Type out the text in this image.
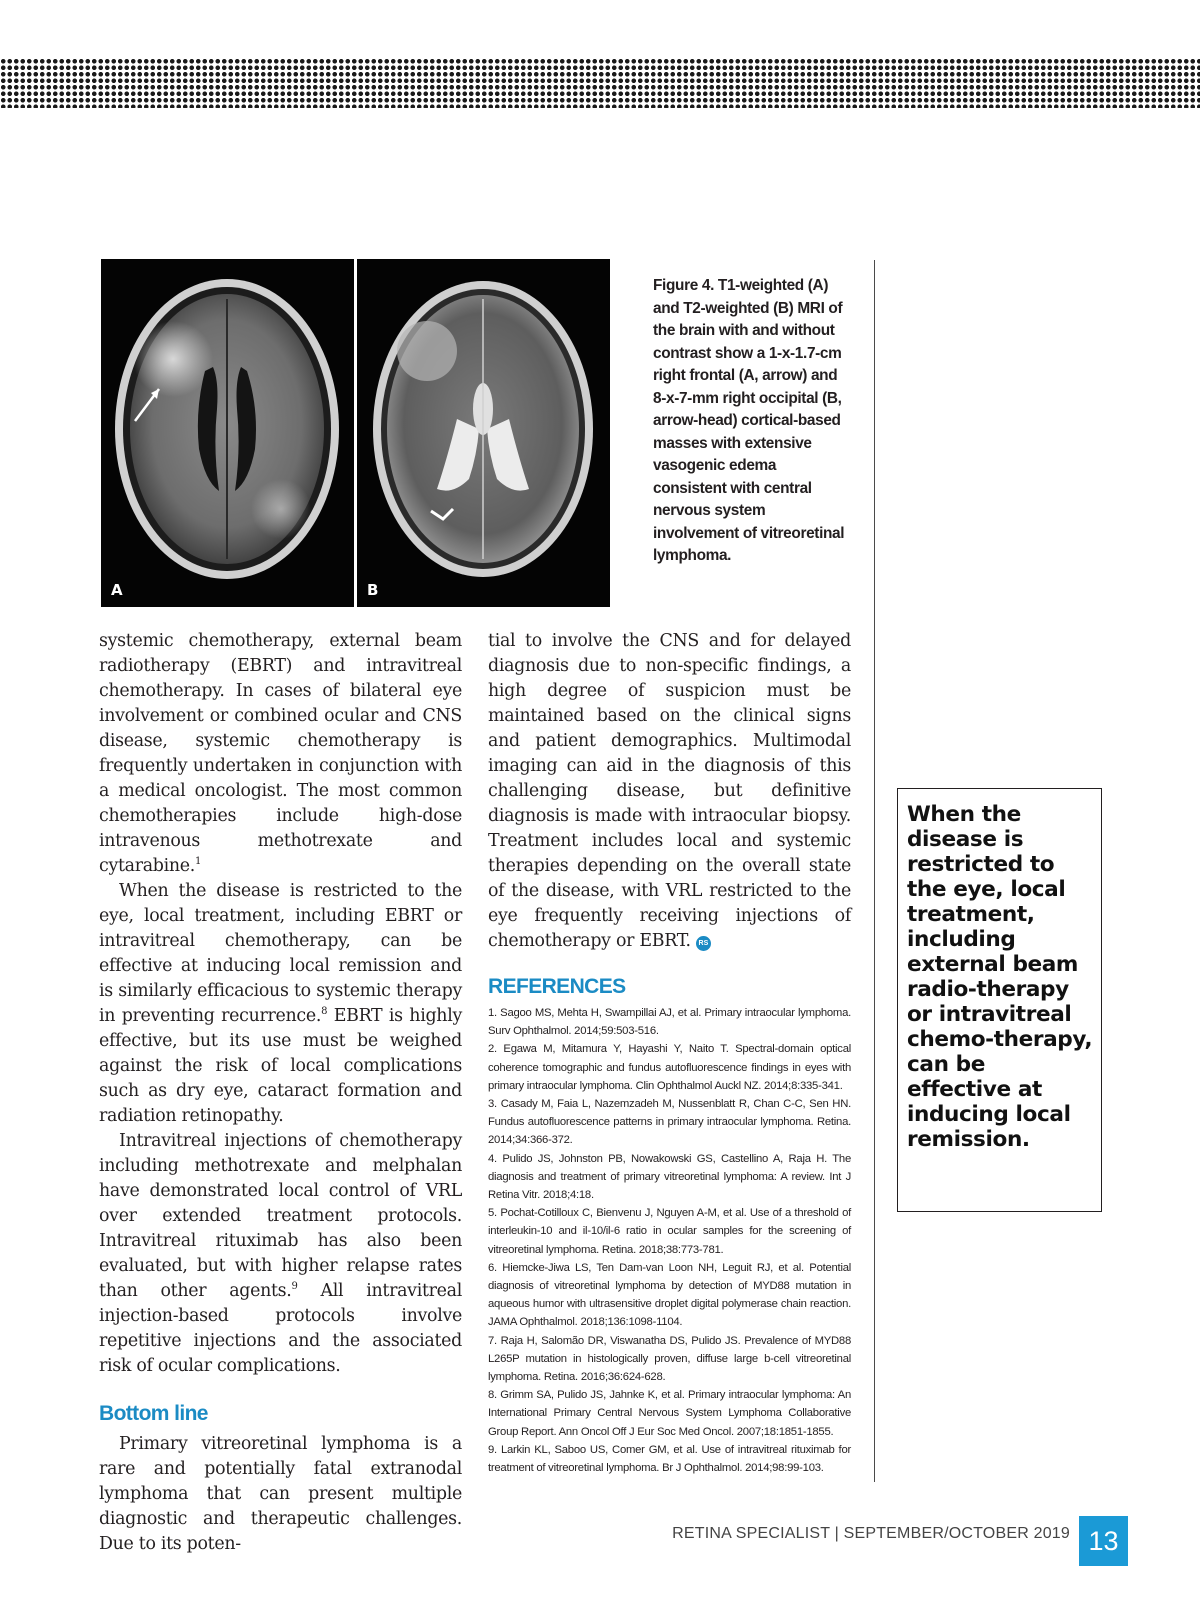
A	B
Figure 4. T1-weighted (A) and T2-weighted (B) MRI of the brain with and without contrast show a 1-x-1.7-cm right frontal (A, arrow) and 8-x-7-mm right occipital (B, arrow-head) cortical-based masses with extensive vasogenic edema consistent with central nervous system involvement of vitreoretinal lymphoma.

systemic chemotherapy, external beam radiotherapy (EBRT) and intravitreal chemotherapy. In cases of bilateral eye involvement or combined ocular and CNS disease, systemic chemotherapy is frequently undertaken in conjunction with a medical oncologist. The most common chemotherapies include high-dose intravenous methotrexate and cytarabine.$^1$

When the disease is restricted to the eye, local treatment, including EBRT or intravitreal chemotherapy, can be effective at inducing local remission and is similarly efficacious to systemic therapy in preventing recurrence.$^8$ EBRT is highly effective, but its use must be weighed against the risk of local complications such as dry eye, cataract formation and radiation retinopathy.

Intravitreal injections of chemotherapy including methotrexate and melphalan have demonstrated local control of VRL over extended treatment protocols. Intravitreal rituximab has also been evaluated, but with higher relapse rates than other agents.$^9$ All intravitreal injection-based protocols involve repetitive injections and the associated risk of ocular complications.

Bottom line

Primary vitreoretinal lymphoma is a rare and potentially fatal extranodal lymphoma that can present multiple diagnostic and therapeutic challenges. Due to its poten-

tial to involve the CNS and for delayed diagnosis due to non-specific findings, a high degree of suspicion must be maintained based on the clinical signs and patient demographics. Multimodal imaging can aid in the diagnosis of this challenging disease, but definitive diagnosis is made with intraocular biopsy. Treatment includes local and systemic therapies depending on the overall state of the disease, with VRL restricted to the eye frequently receiving injections of chemotherapy or EBRT. RS

REFERENCES
1. Sagoo MS, Mehta H, Swampillai AJ, et al. Primary intraocular lymphoma. Surv Ophthalmol. 2014;59:503-516.
2. Egawa M, Mitamura Y, Hayashi Y, Naito T. Spectral-domain optical coherence tomographic and fundus autofluorescence findings in eyes with primary intraocular lymphoma. Clin Ophthalmol Auckl NZ. 2014;8:335-341.
3. Casady M, Faia L, Nazemzadeh M, Nussenblatt R, Chan C-C, Sen HN. Fundus autofluorescence patterns in primary intraocular lymphoma. Retina. 2014;34:366-372.
4. Pulido JS, Johnston PB, Nowakowski GS, Castellino A, Raja H. The diagnosis and treatment of primary vitreoretinal lymphoma: A review. Int J Retina Vitr. 2018;4:18.
5. Pochat-Cotilloux C, Bienvenu J, Nguyen A-M, et al. Use of a threshold of interleukin-10 and il-10/il-6 ratio in ocular samples for the screening of vitreoretinal lymphoma. Retina. 2018;38:773-781.
6. Hiemcke-Jiwa LS, Ten Dam-van Loon NH, Leguit RJ, et al. Potential diagnosis of vitreoretinal lymphoma by detection of MYD88 mutation in aqueous humor with ultrasensitive droplet digital polymerase chain reaction. JAMA Ophthalmol. 2018;136:1098-1104.
7. Raja H, Salomão DR, Viswanatha DS, Pulido JS. Prevalence of MYD88 L265P mutation in histologically proven, diffuse large b-cell vitreoretinal lymphoma. Retina. 2016;36:624-628.
8. Grimm SA, Pulido JS, Jahnke K, et al. Primary intraocular lymphoma: An International Primary Central Nervous System Lymphoma Collaborative Group Report. Ann Oncol Off J Eur Soc Med Oncol. 2007;18:1851-1855.
9. Larkin KL, Saboo US, Comer GM, et al. Use of intravitreal rituximab for treatment of vitreoretinal lymphoma. Br J Ophthalmol. 2014;98:99-103.
When the disease is restricted to the eye, local treatment, including external beam radio-therapy or intravitreal chemo-therapy, can be effective at inducing local remission.
RETINA SPECIALIST | SEPTEMBER/OCTOBER 2019 13
